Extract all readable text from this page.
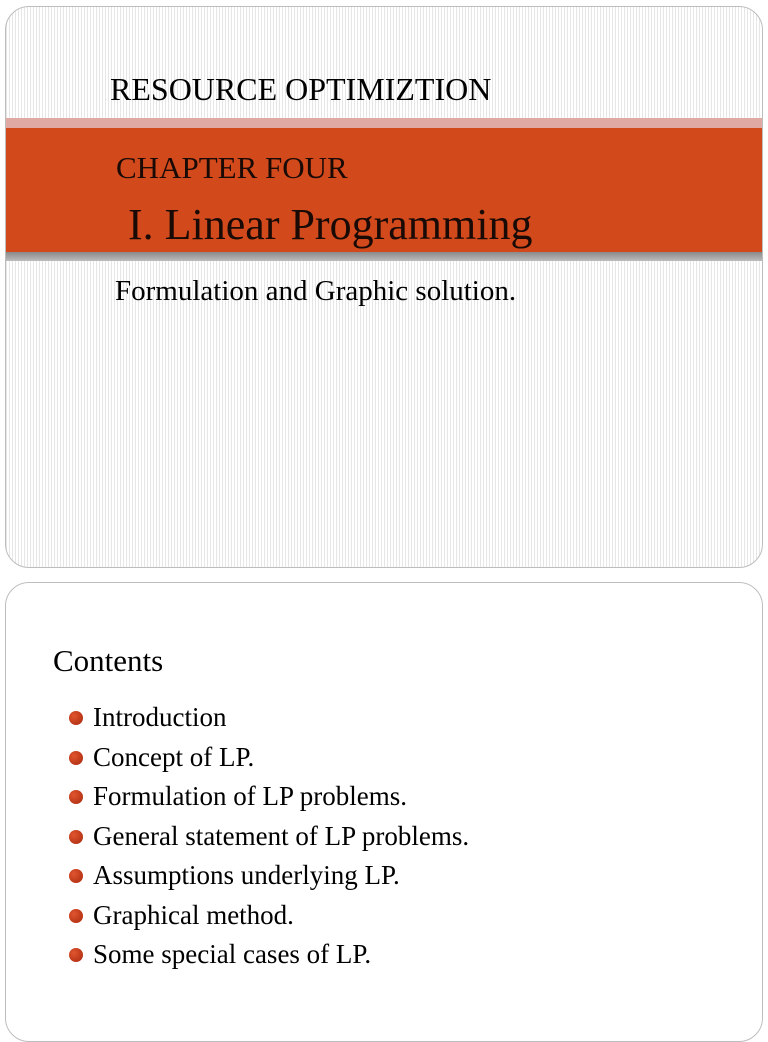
RESOURCE OPTIMIZTION
CHAPTER FOUR
I. Linear Programming
Formulation and Graphic solution.
Contents
Introduction
Concept of LP.
Formulation of LP problems.
General statement of LP problems.
Assumptions underlying LP.
Graphical method.
Some special cases of LP.
